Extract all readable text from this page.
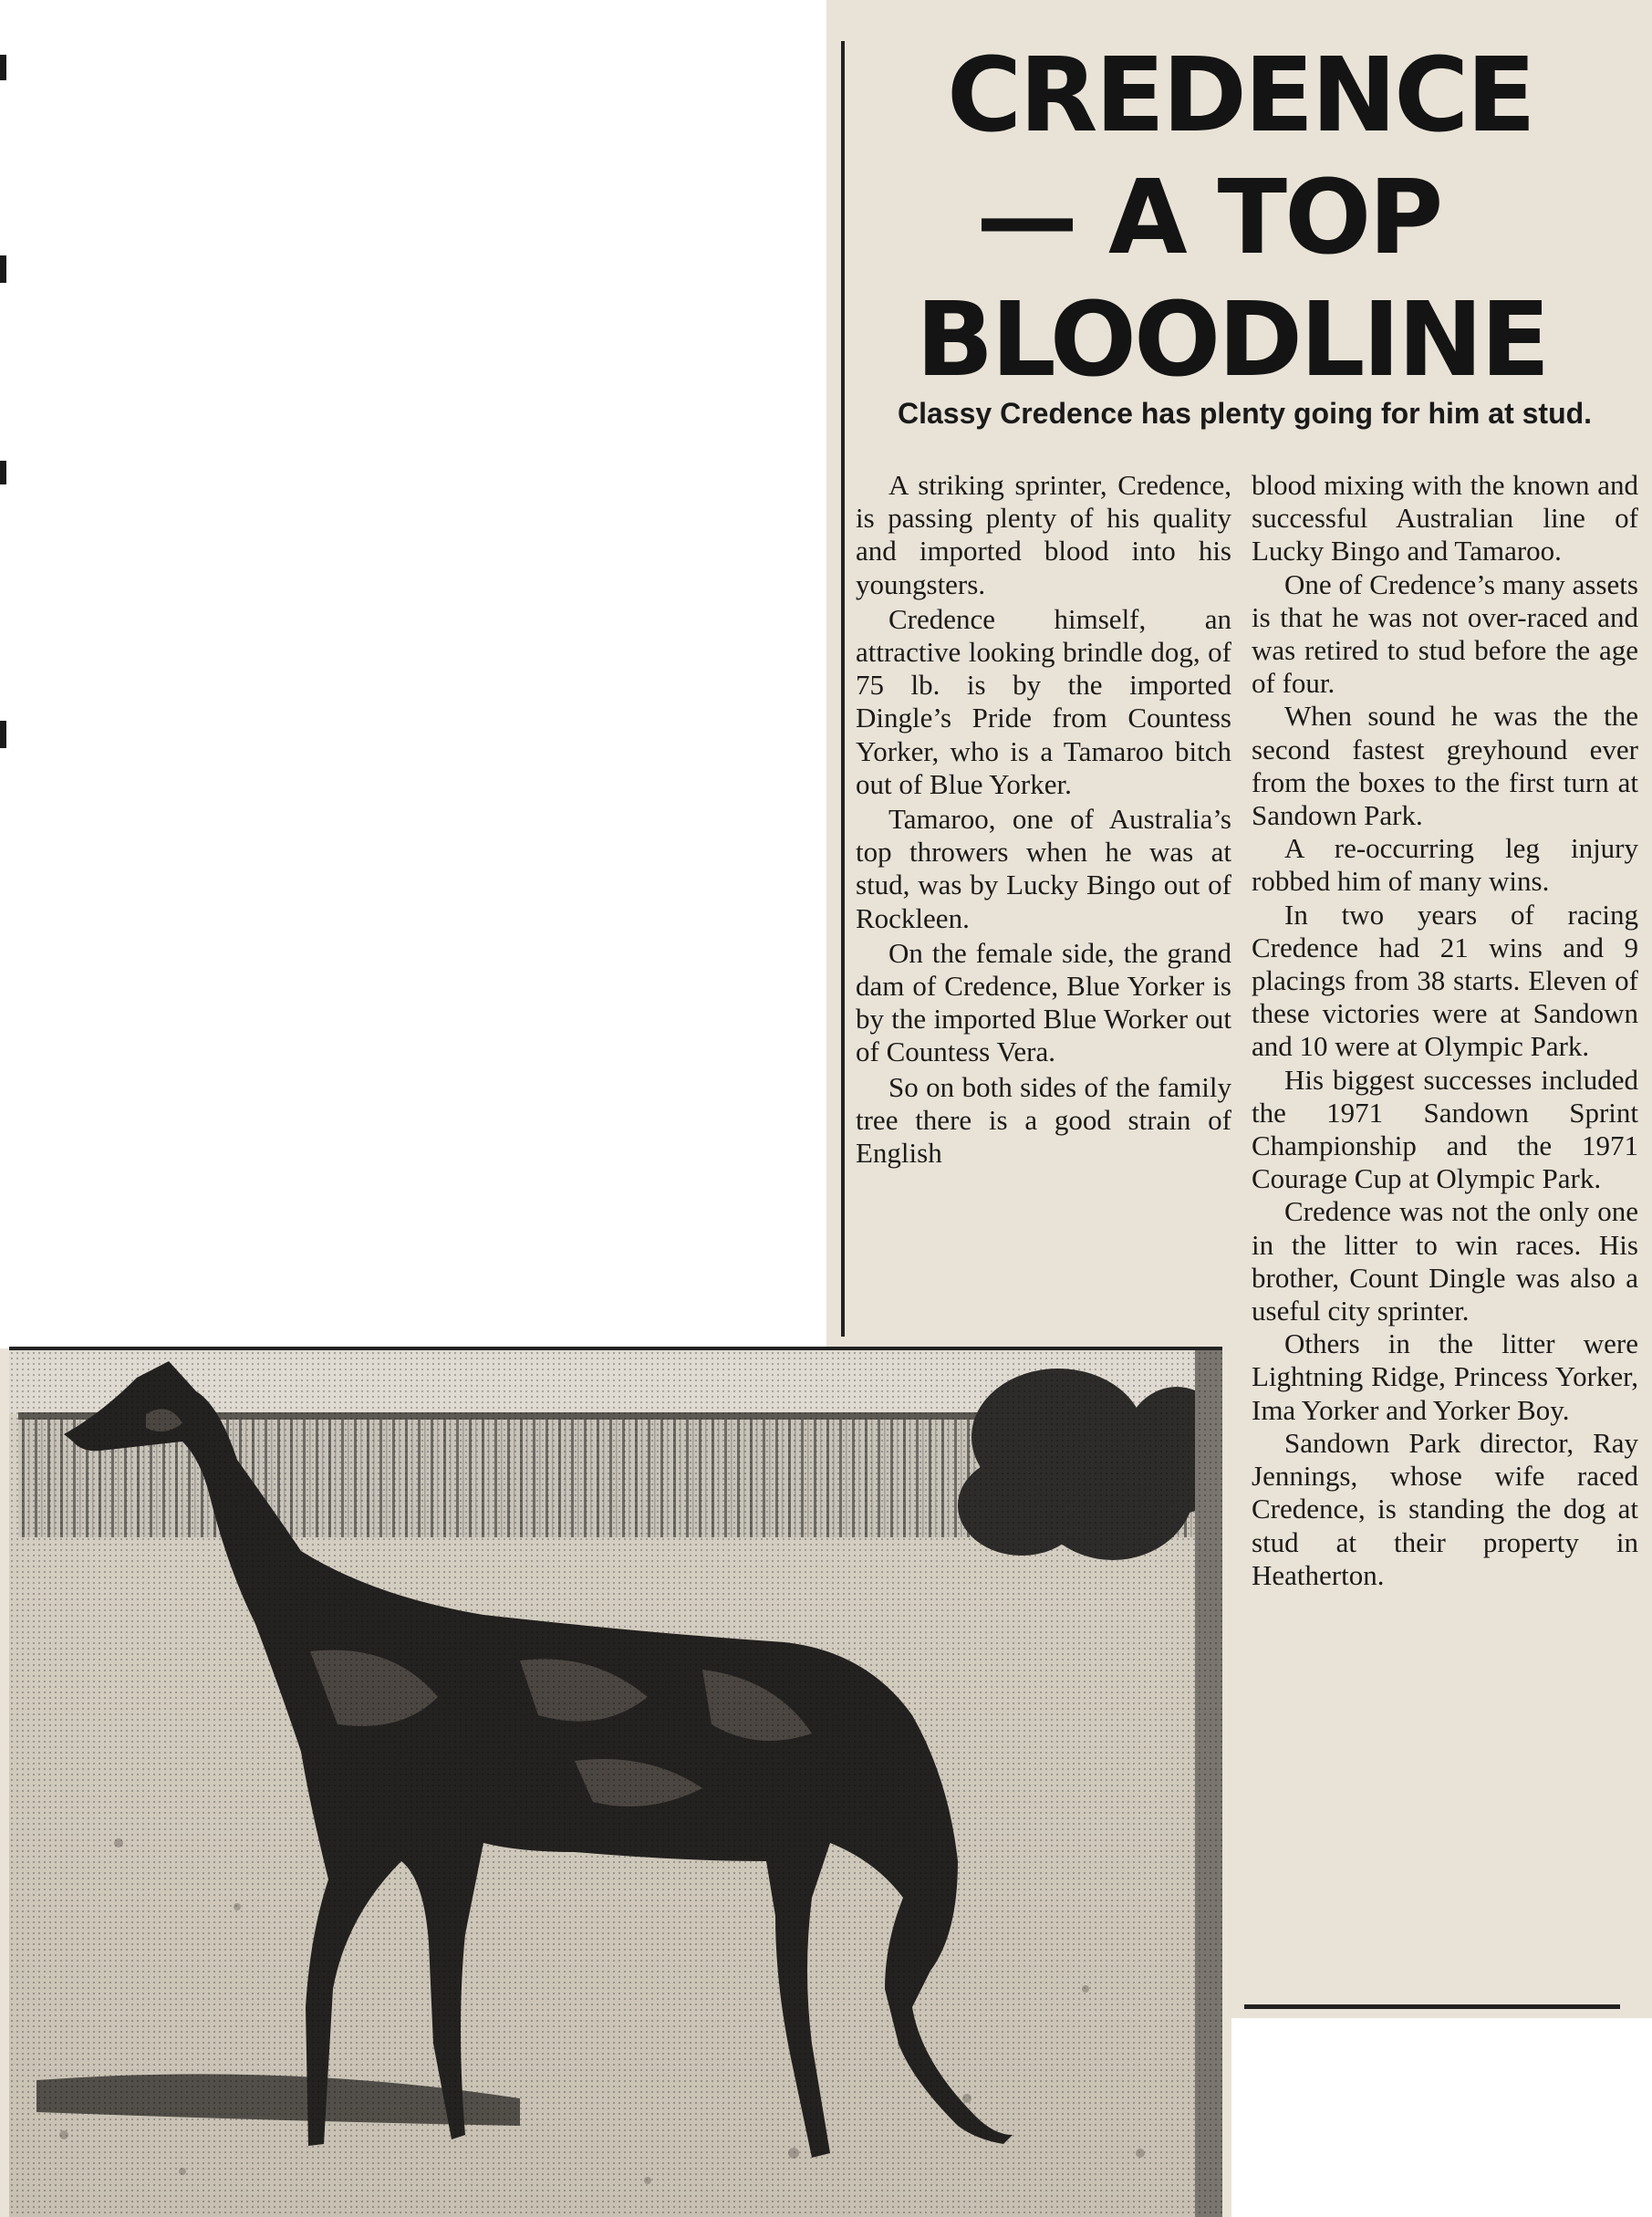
CREDENCE
— A TOP
BLOODLINE
Classy Credence has plenty going for him at stud.

A striking sprinter, Credence, is passing plenty of his quality and imported blood into his youngsters.

Credence himself, an attractive looking brindle dog, of 75 lb. is by the imported Dingle’s Pride from Countess Yorker, who is a Tamaroo bitch out of Blue Yorker.

Tamaroo, one of Australia’s top throwers when he was at stud, was by Lucky Bingo out of Rockleen.

On the female side, the grand dam of Credence, Blue Yorker is by the imported Blue Worker out of Countess Vera.

So on both sides of the family tree there is a good strain of English

blood mixing with the known and successful Australian line of Lucky Bingo and Tamaroo.

One of Credence’s many assets is that he was not over-raced and was retired to stud before the age of four.

When sound he was the the second fastest greyhound ever from the boxes to the first turn at Sandown Park.

A re-occurring leg injury robbed him of many wins.

In two years of racing Credence had 21 wins and 9 placings from 38 starts. Eleven of these victories were at Sandown and 10 were at Olympic Park.

His biggest successes included the 1971 Sandown Sprint Championship and the 1971 Courage Cup at Olympic Park.

Credence was not the only one in the litter to win races. His brother, Count Dingle was also a useful city sprinter.

Others in the litter were Lightning Ridge, Princess Yorker, Ima Yorker and Yorker Boy.

Sandown Park director, Ray Jennings, whose wife raced Credence, is standing the dog at stud at their property in Heatherton.
